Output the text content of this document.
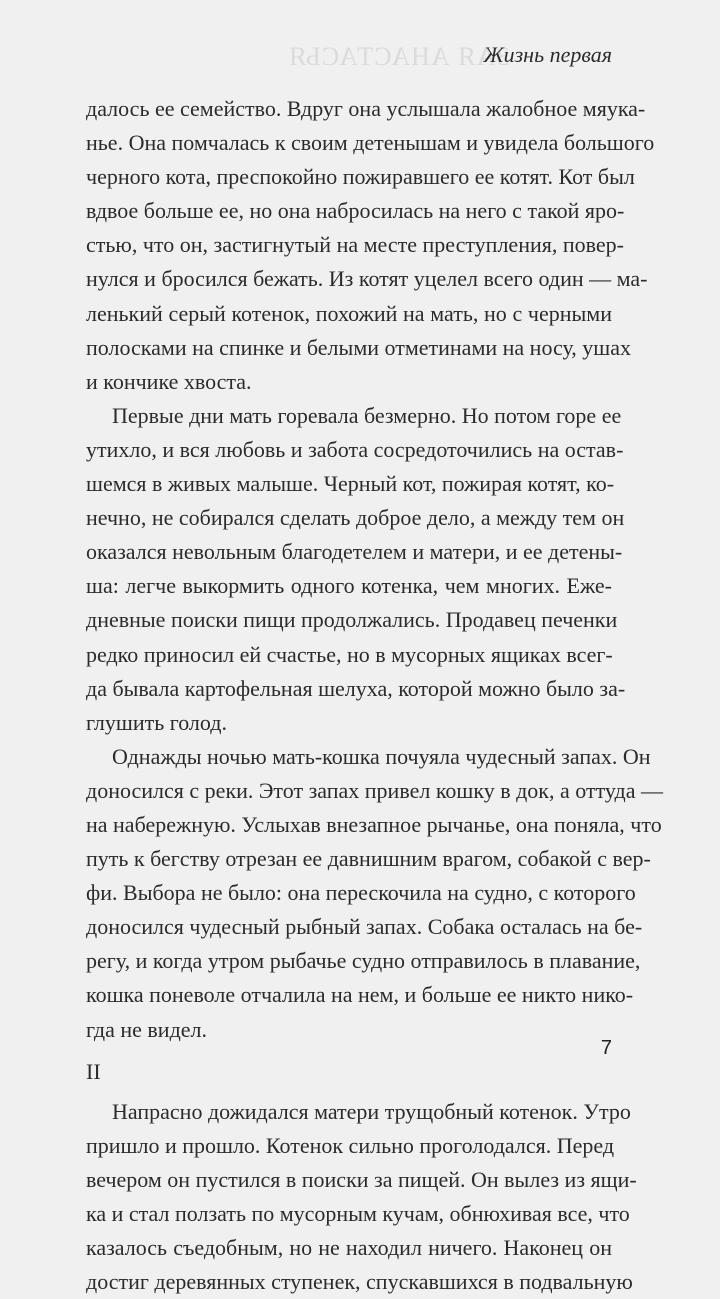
ЗАЯ АНАСТАСЬЯ
Жизнь первая
далось ее семейство. Вдруг она услышала жалобное мяука-
нье. Она помчалась к своим детенышам и увидела большого
черного кота, преспокойно пожиравшего ее котят. Кот был
вдвое больше ее, но она набросилась на него с такой яро-
стью, что он, застигнутый на месте преступления, повер-
нулся и бросился бежать. Из котят уцелел всего один — ма-
ленький серый котенок, похожий на мать, но с черными
полосками на спинке и белыми отметинами на носу, ушах
и кончике хвоста.
Первые дни мать горевала безмерно. Но потом горе ее
утихло, и вся любовь и забота сосредоточились на остав-
шемся в живых малыше. Черный кот, пожирая котят, ко-
нечно, не собирался сделать доброе дело, а между тем он
оказался невольным благодетелем и матери, и ее детены-
ша: легче выкормить одного котенка, чем многих. Еже-
дневные поиски пищи продолжались. Продавец печенки
редко приносил ей счастье, но в мусорных ящиках всег-
да бывала картофельная шелуха, которой можно было за-
глушить голод.
Однажды ночью мать-кошка почуяла чудесный запах. Он
доносился с реки. Этот запах привел кошку в док, а оттуда —
на набережную. Услыхав внезапное рычанье, она поняла, что
путь к бегству отрезан ее давнишним врагом, собакой с вер-
фи. Выбора не было: она перескочила на судно, с которого
доносился чудесный рыбный запах. Собака осталась на бе-
регу, и когда утром рыбачье судно отправилось в плавание,
кошка поневоле отчалила на нем, и больше ее никто нико-
гда не видел.
II
Напрасно дожидался матери трущобный котенок. Утро
пришло и прошло. Котенок сильно проголодался. Перед
вечером он пустился в поиски за пищей. Он вылез из ящи-
ка и стал ползать по мусорным кучам, обнюхивая все, что
казалось съедобным, но не находил ничего. Наконец он
достиг деревянных ступенек, спускавшихся в подвальную
7
